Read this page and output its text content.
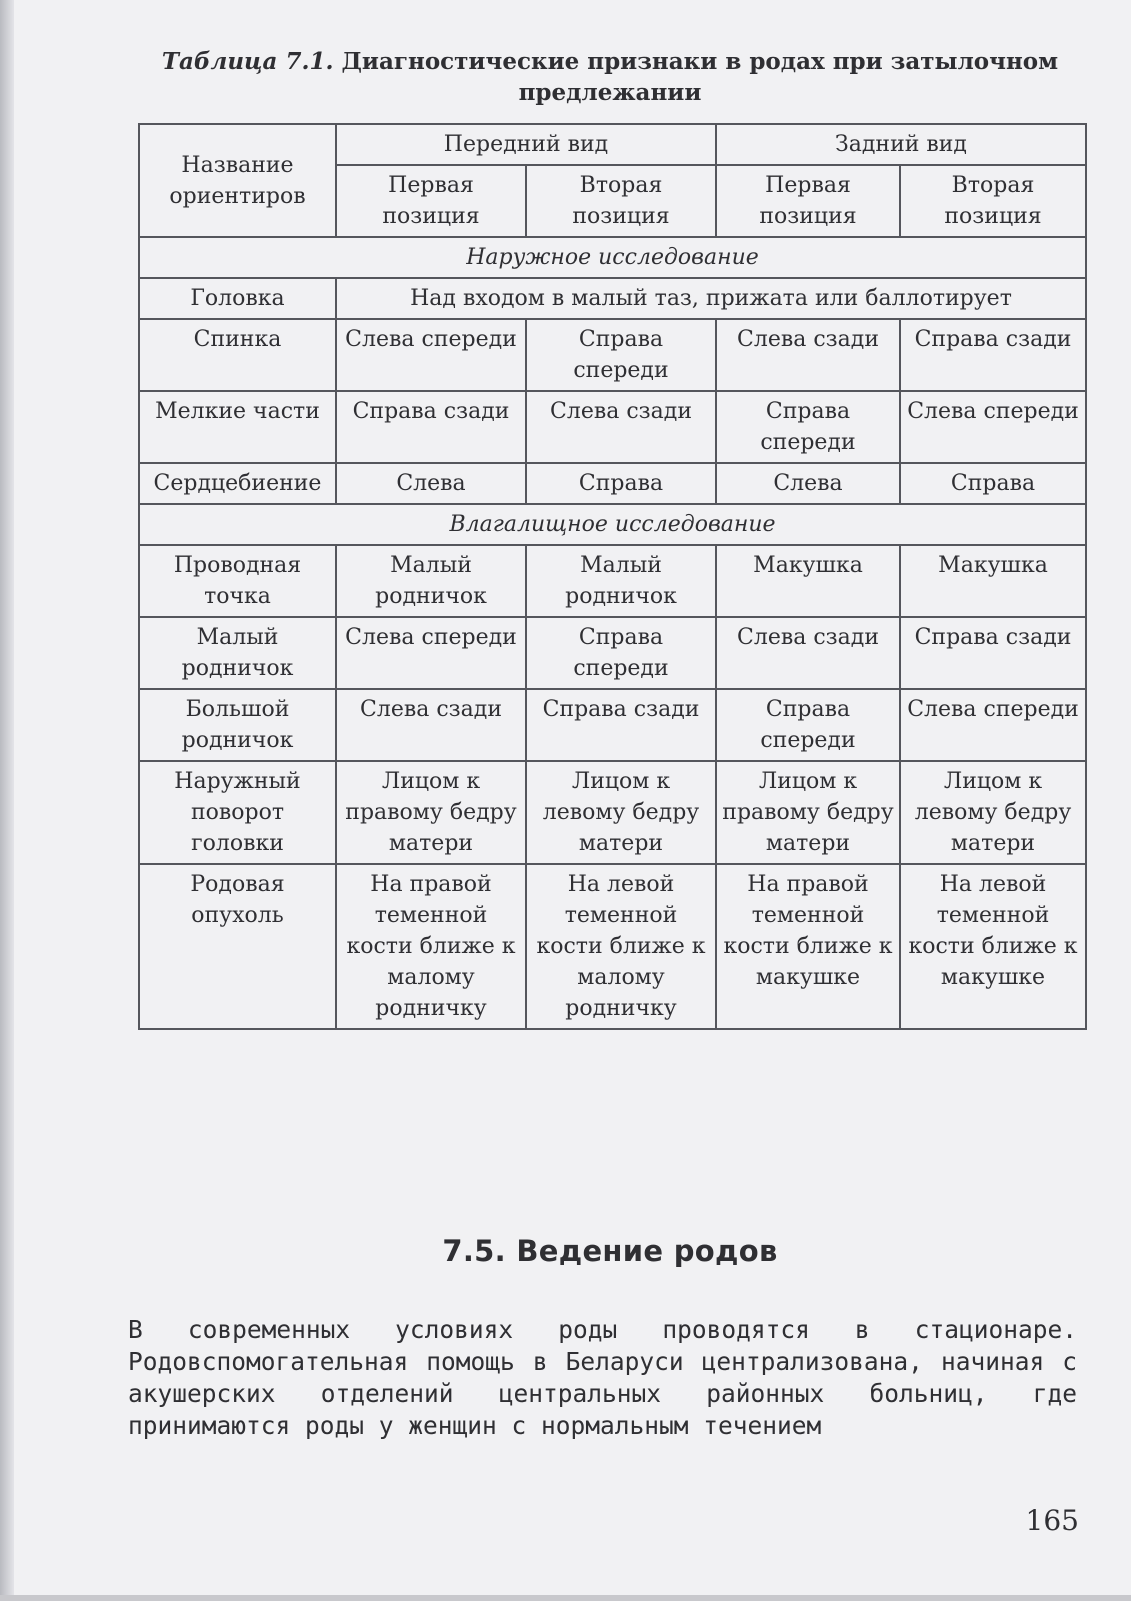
Таблица 7.1. Диагностические признаки в родах при затылочном предлежании
Название ориентиров	Передний вид		Задний вид	
	Первая позиция	Вторая позиция	Первая позиция	Вторая позиция
Наружное исследование				
Головка	Над входом в малый таз, прижата или баллотирует			
Спинка	Слева спереди	Справа спереди	Слева сзади	Справа сзади
Мелкие части	Справа сзади	Слева сзади	Справа спереди	Слева спереди
Сердцебиение	Слева	Справа	Слева	Справа
Влагалищное исследование				
Проводная точка	Малый родничок	Малый родничок	Макушка	Макушка
Малый родничок	Слева спереди	Справа спереди	Слева сзади	Справа сзади
Большой родничок	Слева сзади	Справа сзади	Справа спереди	Слева спереди
Наружный поворот головки	Лицом к правому бедру матери	Лицом к левому бедру матери	Лицом к правому бедру матери	Лицом к левому бедру матери
Родовая опухоль	На правой теменной кости ближе к малому родничку	На левой теменной кости ближе к малому родничку	На правой теменной кости ближе к макушке	На левой теменной кости ближе к макушке
7.5. Ведение родов
В современных условиях роды проводятся в стационаре. Родовспомогательная помощь в Беларуси централизована, начиная с акушерских отделений центральных районных больниц, где принимаются роды у женщин с нормальным течением
165
